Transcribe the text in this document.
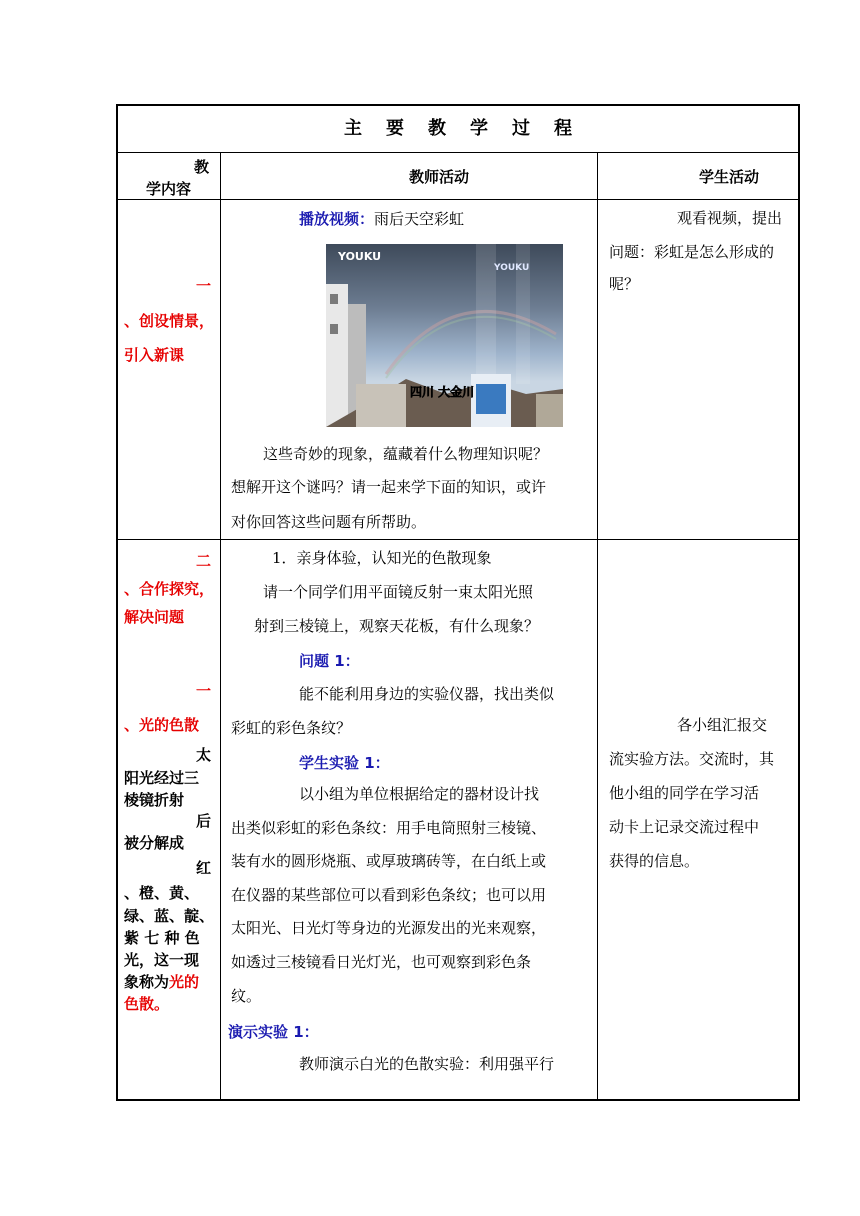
主 要 教 学 过 程
教
学内容
教师活动	学生活动
一
、创设情景，
引入新课
播放视频：雨后天空彩虹
YOUKU
YOUKU
四川 大金川
这些奇妙的现象，蕴藏着什么物理知识呢？
想解开这个谜吗？请一起来学下面的知识，或许
对你回答这些问题有所帮助。
观看视频，提出
问题：彩虹是怎么形成的
呢？
二
、合作探究，
解决问题
一
、光的色散
太
阳光经过三
棱镜折射
后
被分解成
红
、橙、黄、
绿、蓝、靛、
紫 七 种 色
光，这一现
象称为光的
色散。
1．亲身体验，认知光的色散现象
请一个同学们用平面镜反射一束太阳光照
射到三棱镜上，观察天花板，有什么现象？
问题 1：
能不能利用身边的实验仪器，找出类似
彩虹的彩色条纹？
学生实验 1：
以小组为单位根据给定的器材设计找
出类似彩虹的彩色条纹：用手电筒照射三棱镜、
装有水的圆形烧瓶、或厚玻璃砖等，在白纸上或
在仪器的某些部位可以看到彩色条纹；也可以用
太阳光、日光灯等身边的光源发出的光来观察，
如透过三棱镜看日光灯光，也可观察到彩色条
纹。
演示实验 1：
教师演示白光的色散实验：利用强平行
各小组汇报交
流实验方法。交流时，其
他小组的同学在学习活
动卡上记录交流过程中
获得的信息。
